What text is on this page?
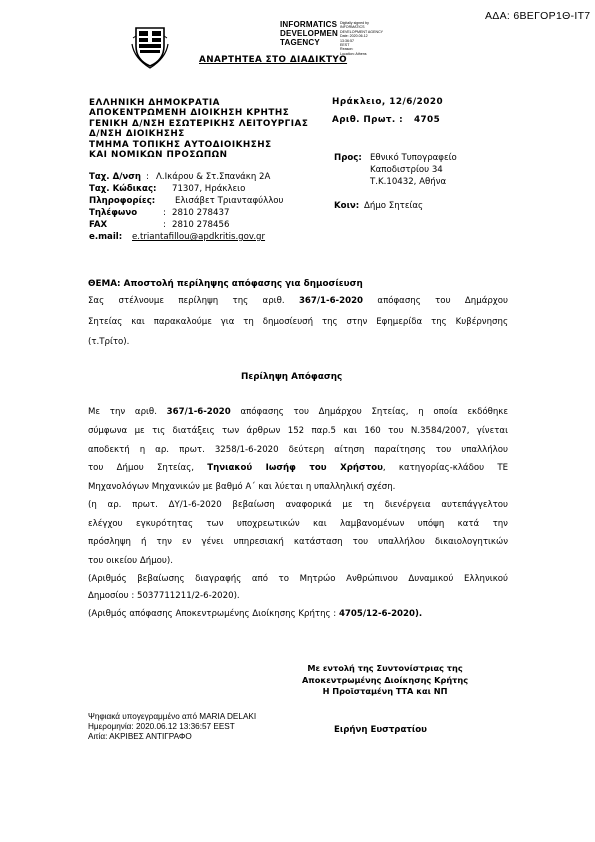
ΑΔΑ: 6ΒΕΓΟΡ1Θ-ΙΤ7
INFORMATICS
DEVELOPMEN
TAGENCY
Digitally signed by
INFORMATICS
DEVELOPMENT AGENCY
Date: 2020.06.12
13:36:57
EEST
Reason:
Location: Athens
ΑΝΑΡΤΗΤΕΑ ΣΤΟ ΔΙΑΔΙΚΤΥΟ
ΕΛΛΗΝΙΚΗ ΔΗΜΟΚΡΑΤΙΑ
ΑΠΟΚΕΝΤΡΩΜΕΝΗ ΔΙΟΙΚΗΣΗ ΚΡΗΤΗΣ
ΓΕΝΙΚΗ Δ/ΝΣΗ ΕΣΩΤΕΡΙΚΗΣ ΛΕΙΤΟΥΡΓΙΑΣ
Δ/ΝΣΗ ΔΙΟΙΚΗΣΗΣ
ΤΜΗΜΑ ΤΟΠΙΚΗΣ ΑΥΤΟΔΙΟΙΚΗΣΗΣ
ΚΑΙ ΝΟΜΙΚΩΝ ΠΡΟΣΩΠΩΝ
Ταχ. Δ/νση : Λ.Ικάρου & Στ.Σπανάκη 2Α
Ταχ. Κώδικας: 71307, Ηράκλειο
Πληροφορίες: Ελισάβετ Τριανταφύλλου
Τηλέφωνο	: 2810 278437
FAX	: 2810 278456
e.mail: e.triantafillou@apdkritis.gov.gr
Ηράκλειο, 12/6/2020
Αριθ. Πρωτ. : 4705
Προς: Εθνικό Τυπογραφείο
Καποδιστρίου 34
Τ.Κ.10432, Αθήνα
Κοιν: Δήμο Σητείας
ΘΕΜΑ: Αποστολή περίληψης απόφασης για δημοσίευση
Σας στέλνουμε περίληψη της αριθ. 367/1-6-2020 απόφασης του Δημάρχου
Σητείας και παρακαλούμε για τη δημοσίευσή της στην Εφημερίδα της Κυβέρνησης
(τ.Τρίτο).
Περίληψη Απόφασης
Με την αριθ. 367/1-6-2020 απόφασης του Δημάρχου Σητείας, η οποία εκδόθηκε
σύμφωνα με τις διατάξεις των άρθρων 152 παρ.5 και 160 του Ν.3584/2007, γίνεται
αποδεκτή η αρ. πρωτ. 3258/1-6-2020 δεύτερη αίτηση παραίτησης του υπαλλήλου
του Δήμου Σητείας, Τηνιακού Ιωσήφ του Χρήστου, κατηγορίας-κλάδου ΤΕ
Μηχανολόγων Μηχανικών με βαθμό Α΄ και λύεται η υπαλληλική σχέση.
(η αρ. πρωτ. ΔΥ/1-6-2020 βεβαίωση αναφορικά με τη διενέργεια αυτεπάγγελτου
ελέγχου εγκυρότητας των υποχρεωτικών και λαμβανομένων υπόψη κατά την
πρόσληψη ή την εν γένει υπηρεσιακή κατάσταση του υπαλλήλου δικαιολογητικών
του οικείου Δήμου).
(Αριθμός βεβαίωσης διαγραφής από το Μητρώο Ανθρώπινου Δυναμικού Ελληνικού
Δημοσίου : 5037711211/2-6-2020).
(Αριθμός απόφασης Αποκεντρωμένης Διοίκησης Κρήτης : 4705/12-6-2020).
Με εντολή της Συντονίστριας της
Αποκεντρωμένης Διοίκησης Κρήτης
Η Προϊσταμένη ΤΤΑ και ΝΠ
Ειρήνη Ευστρατίου
Ψηφιακά υπογεγραμμένο από MARIA DELAKI
Ημερομηνία: 2020.06.12 13:36:57 EEST
Αιτία: ΑΚΡΙΒΕΣ ΑΝΤΙΓΡΑΦΟ
